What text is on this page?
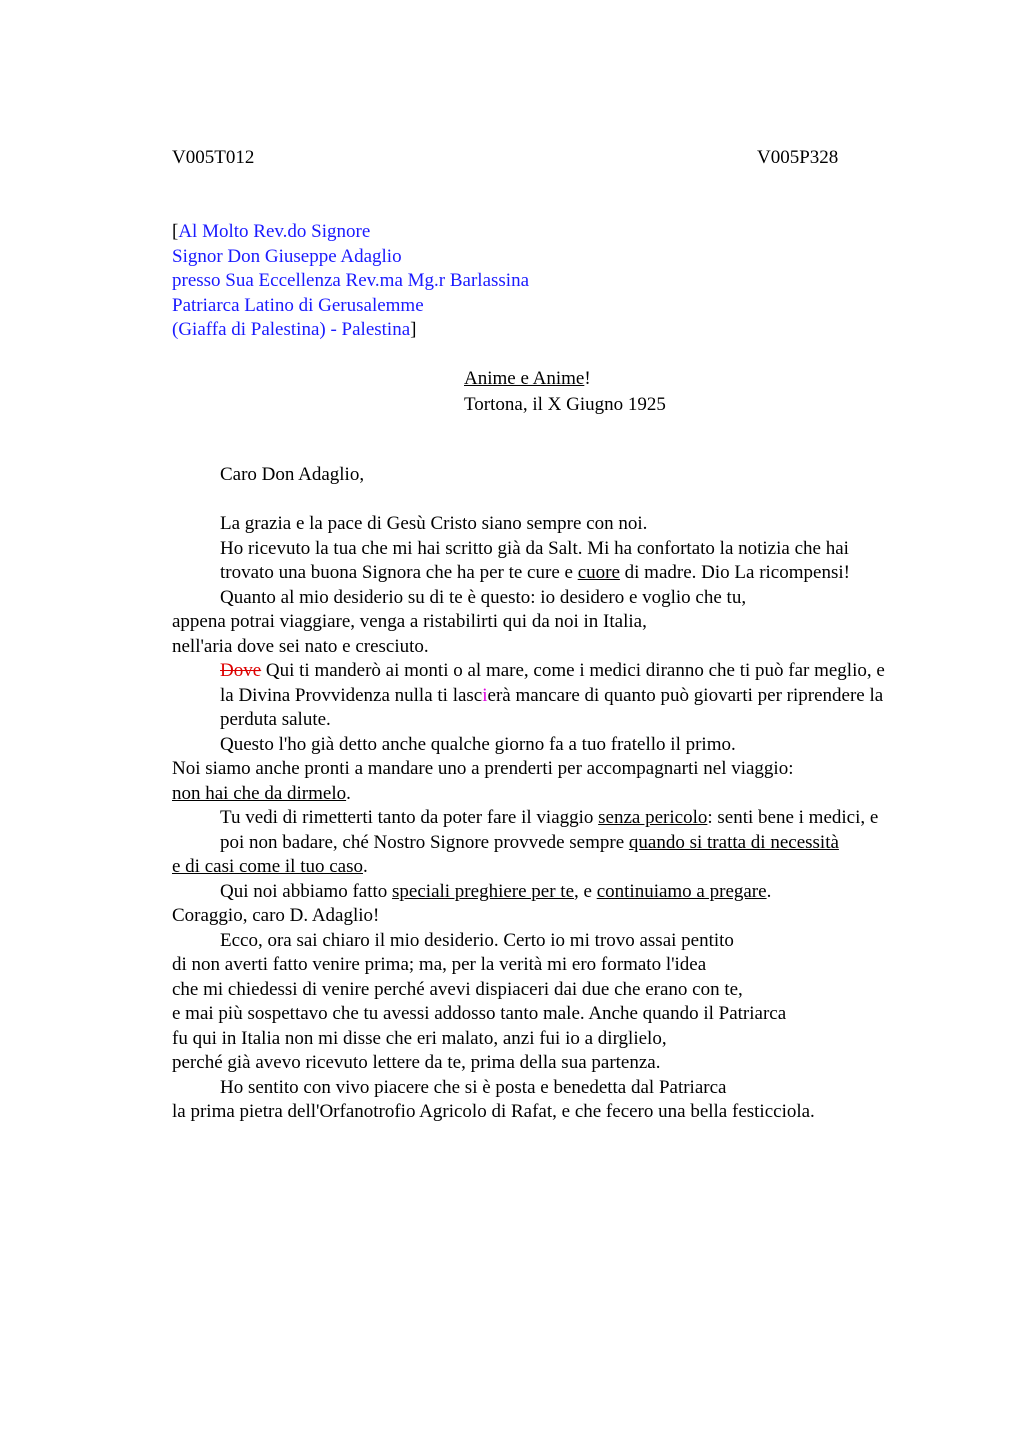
V005T012	V005P328
[Al Molto Rev.do Signore
Signor Don Giuseppe Adaglio
presso Sua Eccellenza Rev.ma Mg.r Barlassina
Patriarca Latino di Gerusalemme
(Giaffa di Palestina) - Palestina]
Anime e Anime!
Tortona, il X Giugno 1925

Caro Don Adaglio,

La grazia e la pace di Gesù Cristo siano sempre con noi.

Ho ricevuto la tua che mi hai scritto già da Salt. Mi ha confortato la notizia che hai trovato una buona Signora che ha per te cure e cuore di madre. Dio La ricompensi!

Quanto al mio desiderio su di te è questo: io desidero e voglio che tu,

appena potrai viaggiare, venga a ristabilirti qui da noi in Italia,

nell'aria dove sei nato e cresciuto.

Dove Qui ti manderò ai monti o al mare, come i medici diranno che ti può far meglio, e la Divina Provvidenza nulla ti lascierà mancare di quanto può giovarti per riprendere la perduta salute.

Questo l'ho già detto anche qualche giorno fa a tuo fratello il primo.

Noi siamo anche pronti a mandare uno a prenderti per accompagnarti nel viaggio:

non hai che da dirmelo.

Tu vedi di rimetterti tanto da poter fare il viaggio senza pericolo: senti bene i medici, e poi non badare, ché Nostro Signore provvede sempre quando si tratta di necessità

e di casi come il tuo caso.

Qui noi abbiamo fatto speciali preghiere per te, e continuiamo a pregare.

Coraggio, caro D. Adaglio!

Ecco, ora sai chiaro il mio desiderio. Certo io mi trovo assai pentito

di non averti fatto venire prima; ma, per la verità mi ero formato l'idea

che mi chiedessi di venire perché avevi dispiaceri dai due che erano con te,

e mai più sospettavo che tu avessi addosso tanto male. Anche quando il Patriarca

fu qui in Italia non mi disse che eri malato, anzi fui io a dirglielo,

perché già avevo ricevuto lettere da te, prima della sua partenza.

Ho sentito con vivo piacere che si è posta e benedetta dal Patriarca

la prima pietra dell'Orfanotrofio Agricolo di Rafat, e che fecero una bella festicciola.
